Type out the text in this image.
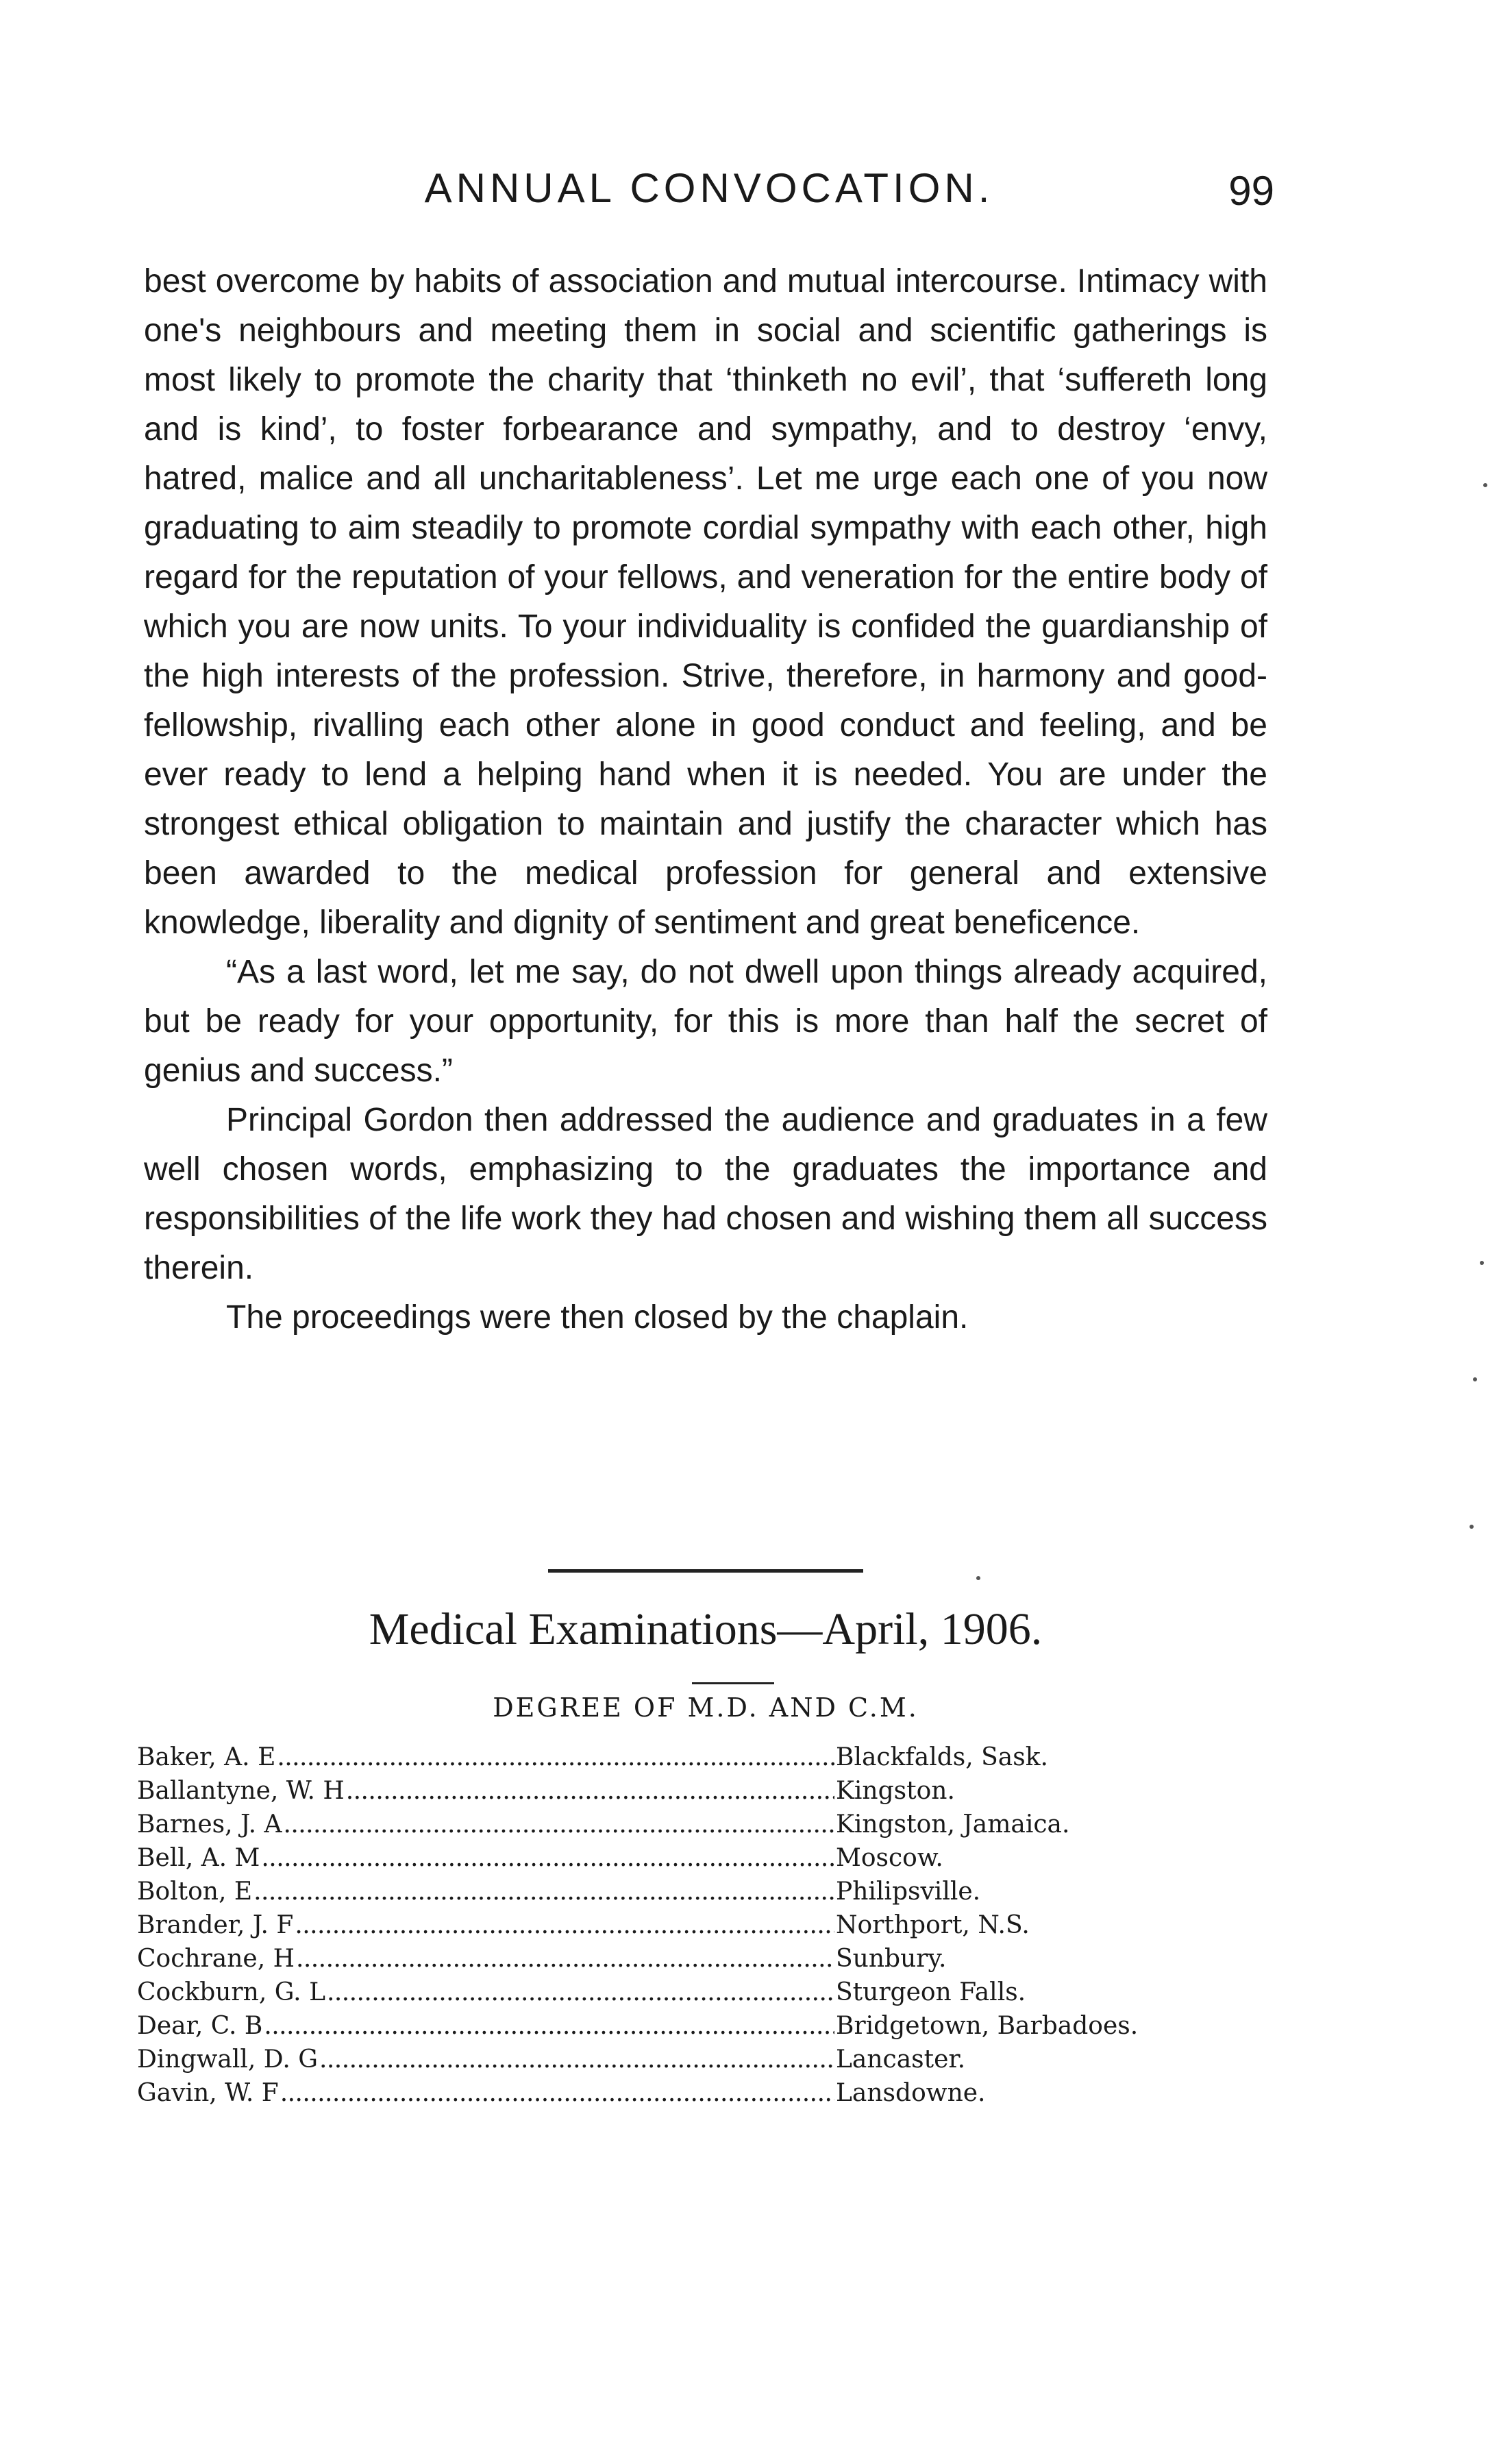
ANNUAL CONVOCATION.	99

best overcome by habits of association and mutual intercourse. Intimacy with one's neighbours and meeting them in social and scientific gatherings is most likely to promote the charity that ‘thinketh no evil’, that ‘suffereth long and is kind’, to foster forbearance and sympathy, and to destroy ‘envy, hatred, malice and all uncharitableness’. Let me urge each one of you now graduating to aim steadily to promote cordial sympathy with each other, high regard for the reputation of your fellows, and veneration for the entire body of which you are now units. To your individuality is confided the guardianship of the high interests of the profession. Strive, therefore, in harmony and good-fellowship, rivalling each other alone in good conduct and feeling, and be ever ready to lend a helping hand when it is needed. You are under the strongest ethical obligation to maintain and justify the character which has been awarded to the medical profession for general and extensive knowledge, liberality and dignity of sentiment and great beneficence.

“As a last word, let me say, do not dwell upon things already acquired, but be ready for your opportunity, for this is more than half the secret of genius and success.”

Principal Gordon then addressed the audience and graduates in a few well chosen words, emphasizing to the graduates the importance and responsibilities of the life work they had chosen and wishing them all success therein.

The proceedings were then closed by the chaplain.

Medical Examinations—April, 1906.
DEGREE OF M.D. AND C.M.
Baker, A. E . . .	Blackfalds, Sask.
Ballantyne, W. H . . .	Kingston.
Barnes, J. A . . .	Kingston, Jamaica.
Bell, A. M . . .	Moscow.
Bolton, E . . .	Philipsville.
Brander, J. F . . .	Northport, N.S.
Cochrane, H . . .	Sunbury.
Cockburn, G. L . . .	Sturgeon Falls.
Dear, C. B . . .	Bridgetown, Barbadoes.
Dingwall, D. G . . .	Lancaster.
Gavin, W. F . . .	Lansdowne.
